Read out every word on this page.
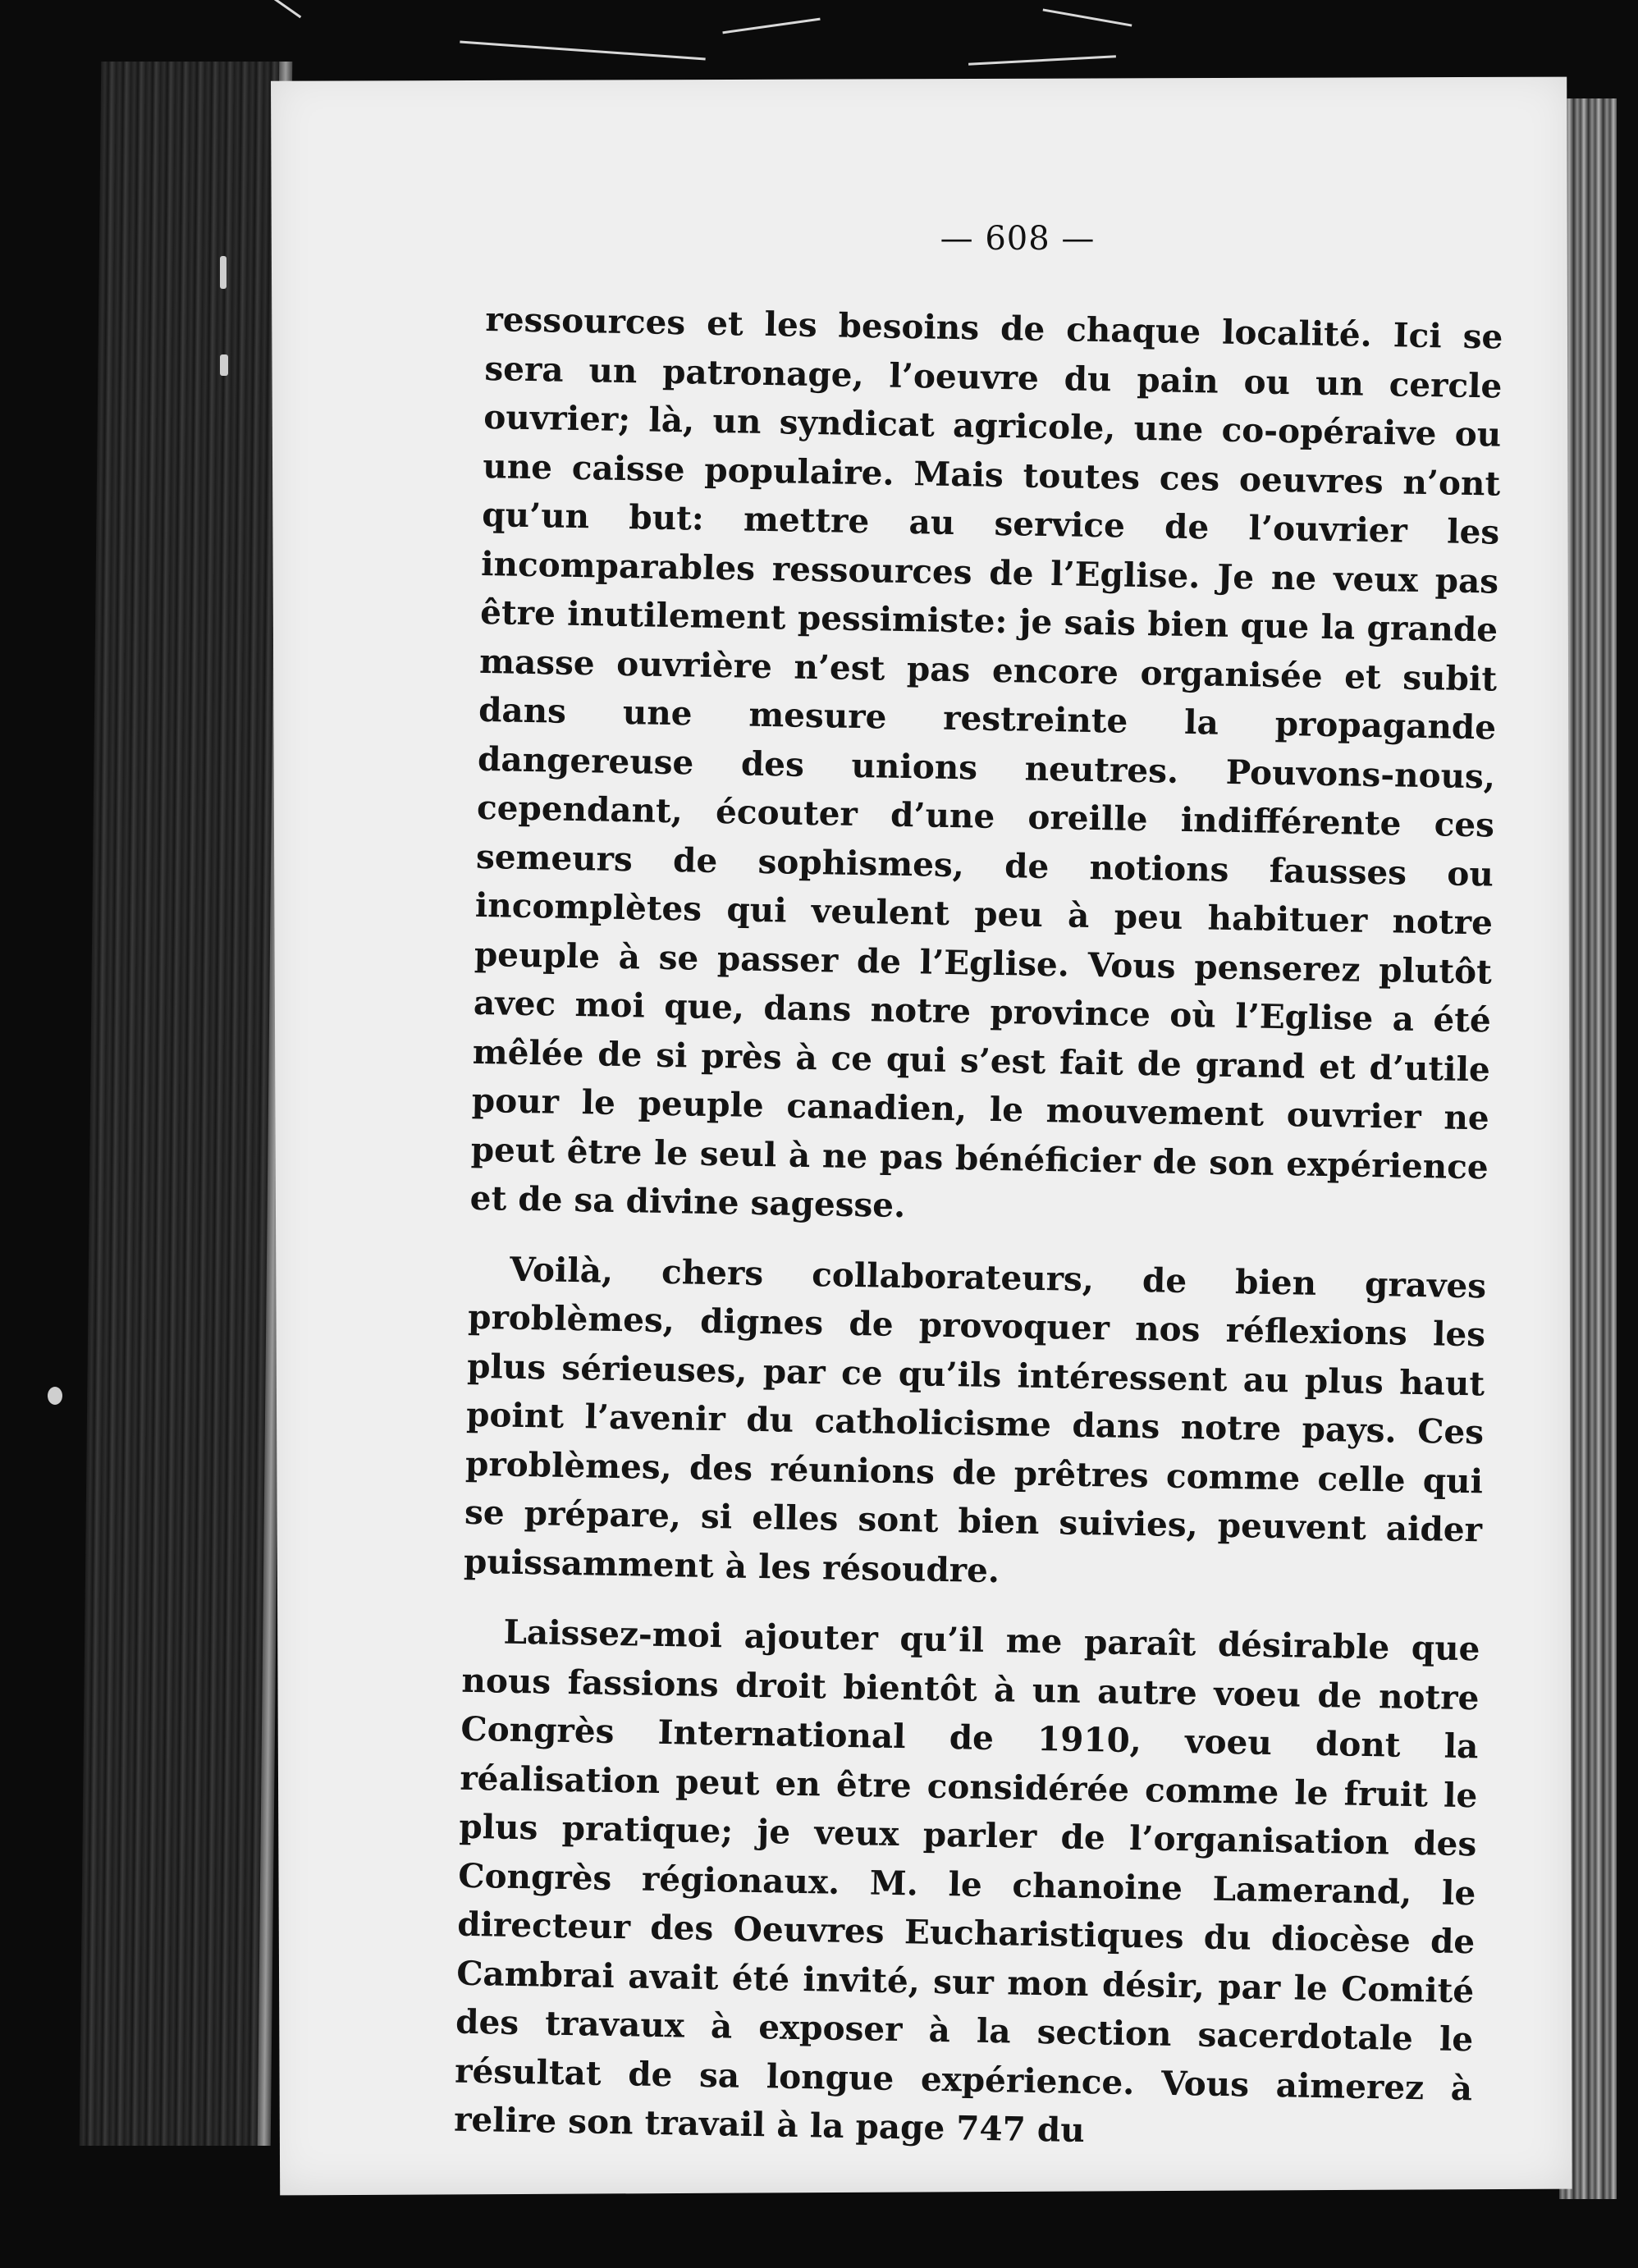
— 608 —

ressources et les besoins de chaque localité. Ici se sera un patronage, l’oeuvre du pain ou un cercle ouvrier; là, un syndicat agricole, une co-opéraive ou une caisse populaire. Mais toutes ces oeuvres n’ont qu’un but: mettre au service de l’ouvrier les incomparables ressources de l’Eglise. Je ne veux pas être inutilement pessimiste: je sais bien que la grande masse ouvrière n’est pas encore organisée et subit dans une mesure restreinte la propagande dangereuse des unions neutres. Pouvons-nous, cependant, écouter d’une oreille indifférente ces semeurs de sophismes, de notions fausses ou incomplètes qui veulent peu à peu habituer notre peuple à se passer de l’Eglise. Vous penserez plutôt avec moi que, dans notre province où l’Eglise a été mêlée de si près à ce qui s’est fait de grand et d’utile pour le peuple canadien, le mouvement ouvrier ne peut être le seul à ne pas bénéficier de son expérience et de sa divine sagesse.

Voilà, chers collaborateurs, de bien graves problèmes, dignes de provoquer nos réflexions les plus sérieuses, par ce qu’ils intéressent au plus haut point l’avenir du catholicisme dans notre pays. Ces problèmes, des réunions de prêtres comme celle qui se prépare, si elles sont bien suivies, peuvent aider puissamment à les résoudre.

Laissez-moi ajouter qu’il me paraît désirable que nous fassions droit bientôt à un autre voeu de notre Congrès International de 1910, voeu dont la réalisation peut en être considérée comme le fruit le plus pratique; je veux parler de l’organisation des Congrès régionaux. M. le chanoine Lamerand, le directeur des Oeuvres Eucharistiques du diocèse de Cambrai avait été invité, sur mon désir, par le Comité des travaux à exposer à la section sacerdotale le résultat de sa longue expérience. Vous aimerez à relire son travail à la page 747 du
